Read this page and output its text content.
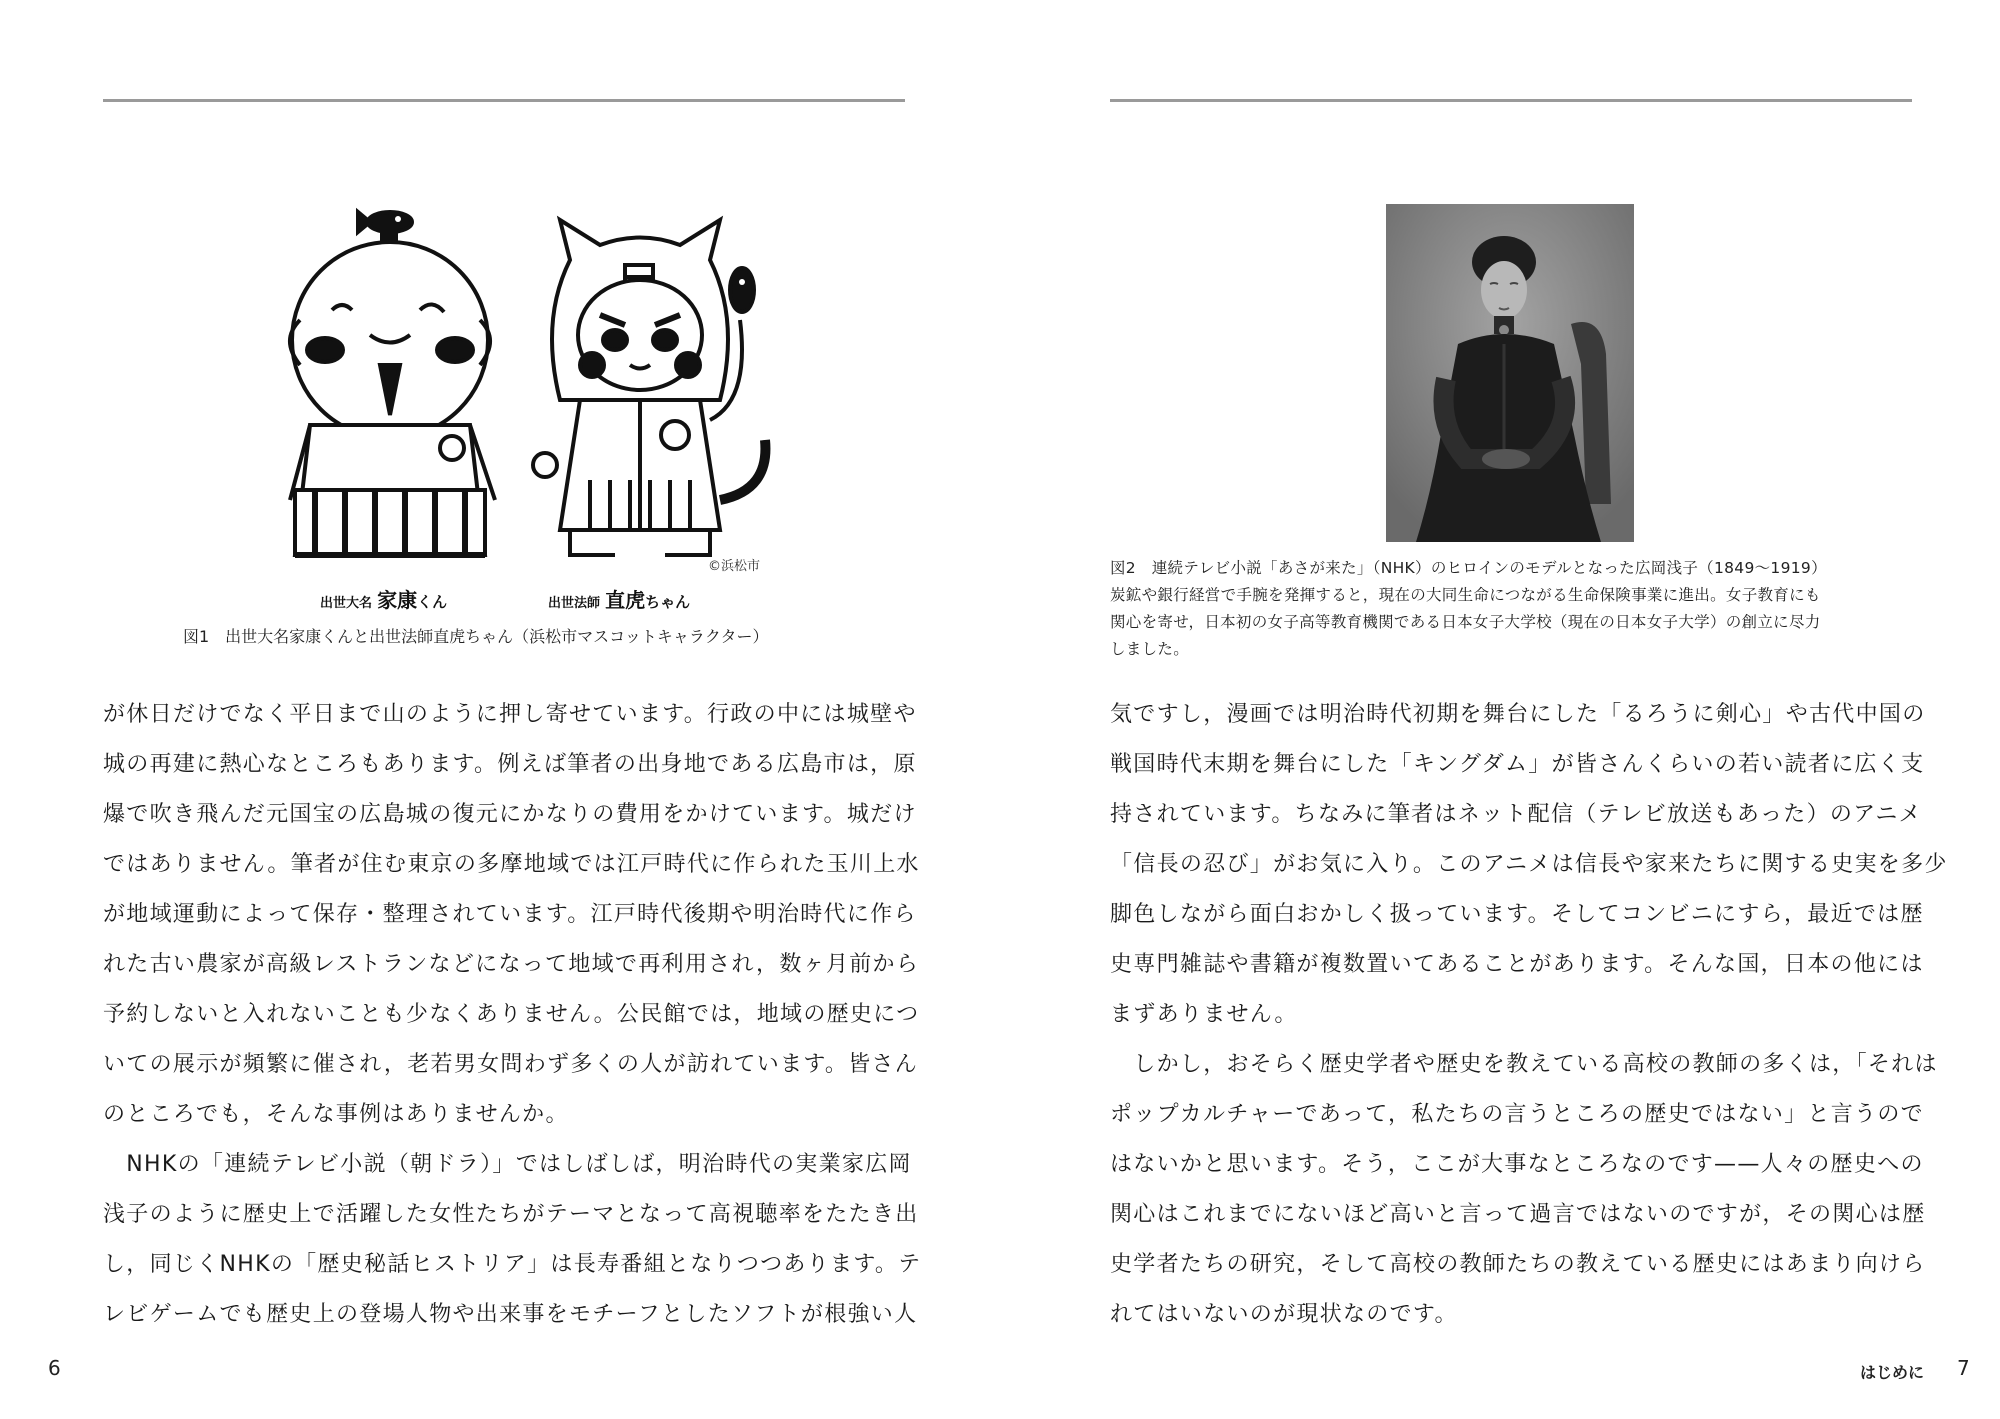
©浜松市
出世大名 家康くん	出世法師 直虎ちゃん
図1　出世大名家康くんと出世法師直虎ちゃん（浜松市マスコットキャラクター）
図2　連続テレビ小説「あさが来た」（NHK）のヒロインのモデルとなった広岡浅子（1849〜1919）
炭鉱や銀行経営で手腕を発揮すると，現在の大同生命につながる生命保険事業に進出。女子教育にも
関心を寄せ，日本初の女子高等教育機関である日本女子大学校（現在の日本女子大学）の創立に尽力
しました。
が休日だけでなく平日まで山のように押し寄せています。行政の中には城壁や
城の再建に熱心なところもあります。例えば筆者の出身地である広島市は，原
爆で吹き飛んだ元国宝の広島城の復元にかなりの費用をかけています。城だけ
ではありません。筆者が住む東京の多摩地域では江戸時代に作られた玉川上水
が地域運動によって保存・整理されています。江戸時代後期や明治時代に作ら
れた古い農家が高級レストランなどになって地域で再利用され，数ヶ月前から
予約しないと入れないことも少なくありません。公民館では，地域の歴史につ
いての展示が頻繁に催され，老若男女問わず多くの人が訪れています。皆さん
のところでも，そんな事例はありませんか。
　NHKの「連続テレビ小説（朝ドラ）」ではしばしば，明治時代の実業家広岡
浅子のように歴史上で活躍した女性たちがテーマとなって高視聴率をたたき出
し，同じくNHKの「歴史秘話ヒストリア」は長寿番組となりつつあります。テ
レビゲームでも歴史上の登場人物や出来事をモチーフとしたソフトが根強い人
気ですし，漫画では明治時代初期を舞台にした「るろうに剣心」や古代中国の
戦国時代末期を舞台にした「キングダム」が皆さんくらいの若い読者に広く支
持されています。ちなみに筆者はネット配信（テレビ放送もあった）のアニメ
「信長の忍び」がお気に入り。このアニメは信長や家来たちに関する史実を多少
脚色しながら面白おかしく扱っています。そしてコンビニにすら，最近では歴
史専門雑誌や書籍が複数置いてあることがあります。そんな国，日本の他には
まずありません。
　しかし，おそらく歴史学者や歴史を教えている高校の教師の多くは，「それは
ポップカルチャーであって，私たちの言うところの歴史ではない」と言うので
はないかと思います。そう，ここが大事なところなのです——人々の歴史への
関心はこれまでにないほど高いと言って過言ではないのですが，その関心は歴
史学者たちの研究，そして高校の教師たちの教えている歴史にはあまり向けら
れてはいないのが現状なのです。
6	はじめに 7
